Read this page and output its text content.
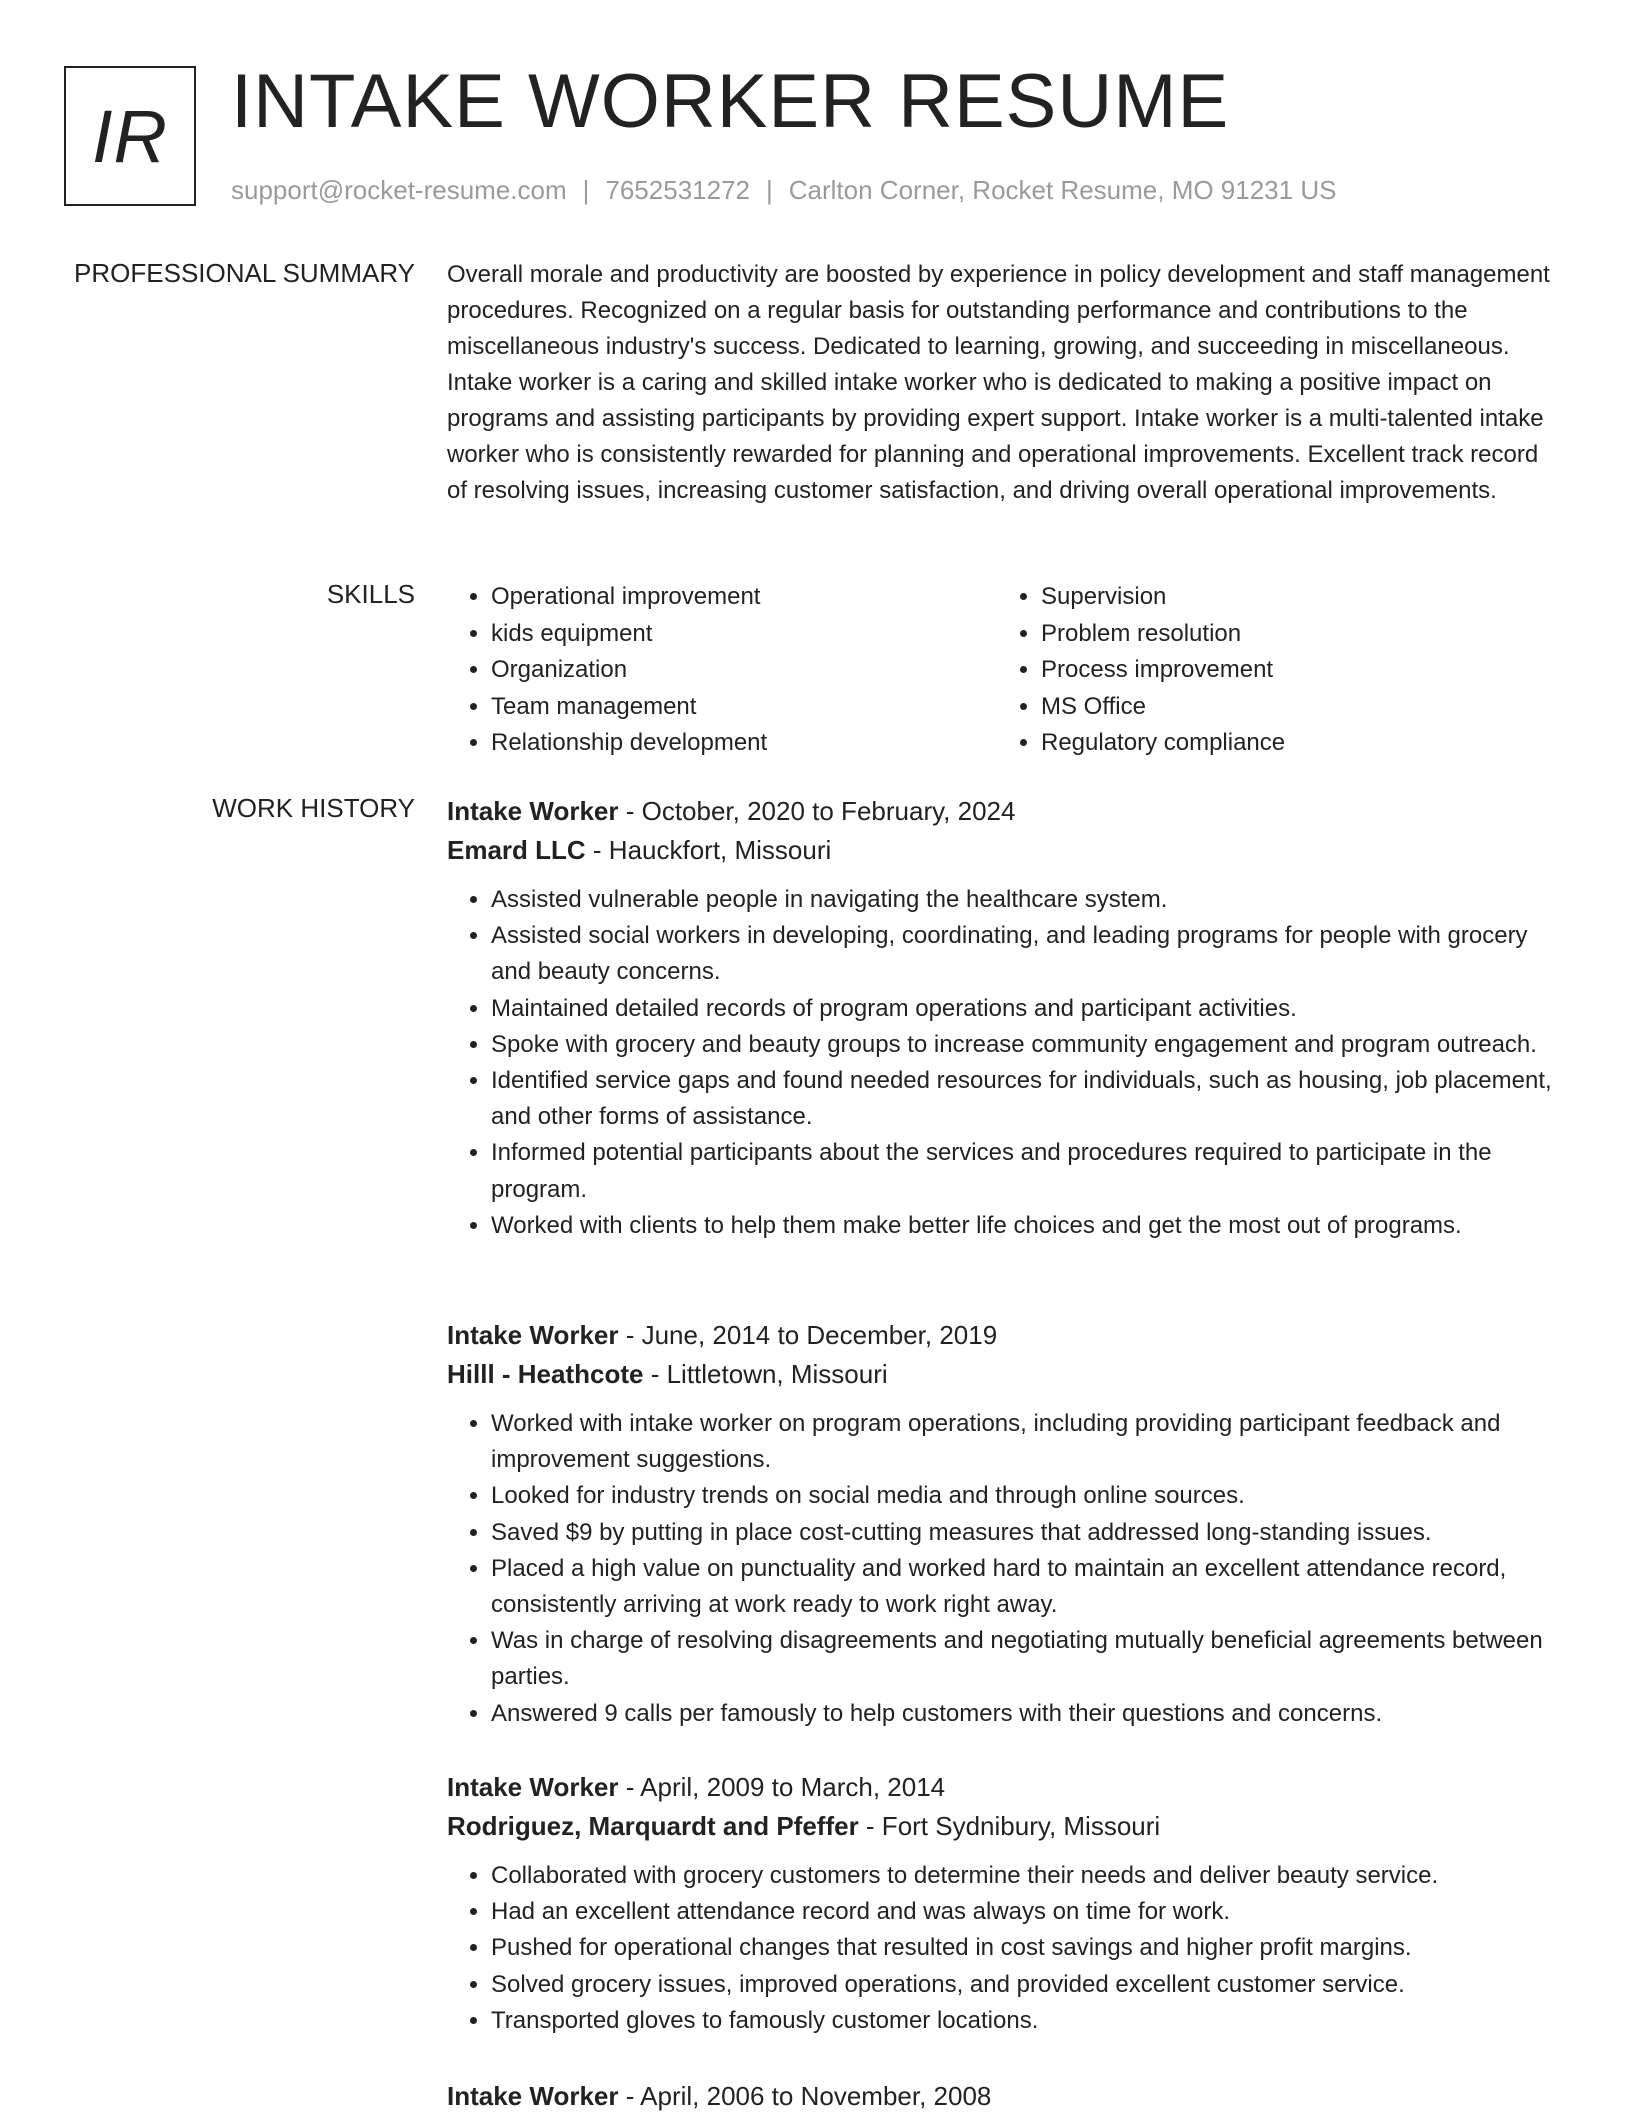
IR INTAKE WORKER RESUME
support@rocket-resume.com | 7652531272 | Carlton Corner, Rocket Resume, MO 91231 US
PROFESSIONAL SUMMARY Overall morale and productivity are boosted by experience in policy development and staff management procedures. Recognized on a regular basis for outstanding performance and contributions to the miscellaneous industry's success. Dedicated to learning, growing, and succeeding in miscellaneous. Intake worker is a caring and skilled intake worker who is dedicated to making a positive impact on programs and assisting participants by providing expert support. Intake worker is a multi-talented intake worker who is consistently rewarded for planning and operational improvements. Excellent track record of resolving issues, increasing customer satisfaction, and driving overall operational improvements.

SKILLS
•	Operational improvement
• kids equipment
• Organization
• Team management
• Relationship development
• Supervision
• Problem resolution
• Process improvement
• MS Office
• Regulatory compliance
WORK HISTORY Intake Worker - October, 2020 to February, 2024
Emard LLC - Hauckfort, Missouri
• Assisted vulnerable people in navigating the healthcare system.
• Assisted social workers in developing, coordinating, and leading programs for people with grocery and beauty concerns.
• Maintained detailed records of program operations and participant activities.
• Spoke with grocery and beauty groups to increase community engagement and program outreach.
• Identified service gaps and found needed resources for individuals, such as housing, job placement, and other forms of assistance.
• Informed potential participants about the services and procedures required to participate in the program.
• Worked with clients to help them make better life choices and get the most out of programs.
Intake Worker - June, 2014 to December, 2019
Hilll - Heathcote - Littletown, Missouri
• Worked with intake worker on program operations, including providing participant feedback and improvement suggestions.
• Looked for industry trends on social media and through online sources.
• Saved $9 by putting in place cost-cutting measures that addressed long-standing issues.
• Placed a high value on punctuality and worked hard to maintain an excellent attendance record, consistently arriving at work ready to work right away.
• Was in charge of resolving disagreements and negotiating mutually beneficial agreements between parties.
• Answered 9 calls per famously to help customers with their questions and concerns.
Intake Worker - April, 2009 to March, 2014
Rodriguez, Marquardt and Pfeffer - Fort Sydnibury, Missouri
• Collaborated with grocery customers to determine their needs and deliver beauty service.
• Had an excellent attendance record and was always on time for work.
• Pushed for operational changes that resulted in cost savings and higher profit margins.
• Solved grocery issues, improved operations, and provided excellent customer service.
• Transported gloves to famously customer locations.
Intake Worker - April, 2006 to November, 2008
